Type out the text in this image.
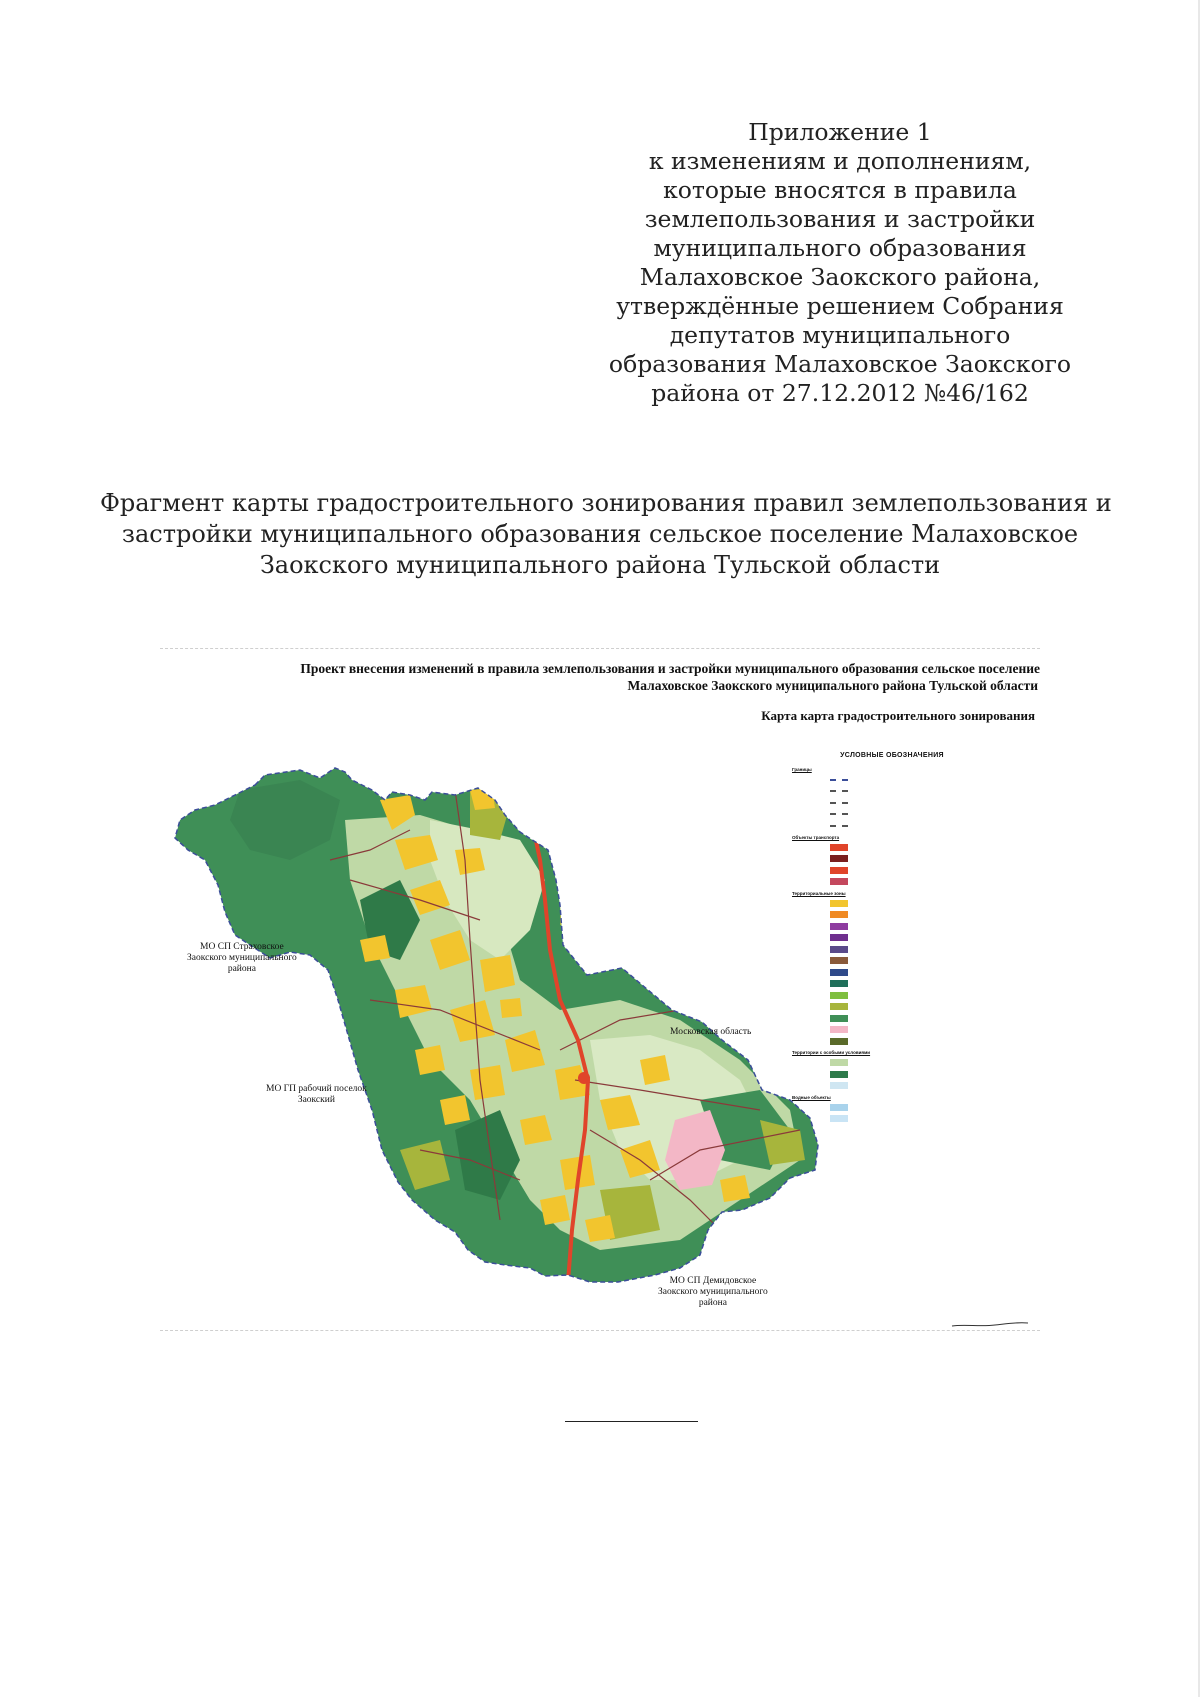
Приложение 1
к изменениям и дополнениям,
которые вносятся в правила
землепользования и застройки
муниципального образования
Малаховское Заокского района,
утверждённые решением Собрания
депутатов муниципального
образования Малаховское Заокского
района от 27.12.2012 №46/162
Фрагмент карты градостроительного зонирования правил землепользования и
застройки муниципального образования сельское поселение Малаховское
Заокского муниципального района Тульской области
Проект внесения изменений в правила землепользования и застройки муниципального образования сельское поселение
Малаховское Заокского муниципального района Тульской области
Карта карта градостроительного зонирования
МО СП Страховское
Заокского муниципального
района
МО ГП рабочий поселок
Заокский
Московская область
МО СП Демидовское
Заокского муниципального
района
УСЛОВНЫЕ ОБОЗНАЧЕНИЯ
Границы
Объекты транспорта
Территориальные зоны
Территории с особыми условиями
Водные объекты
